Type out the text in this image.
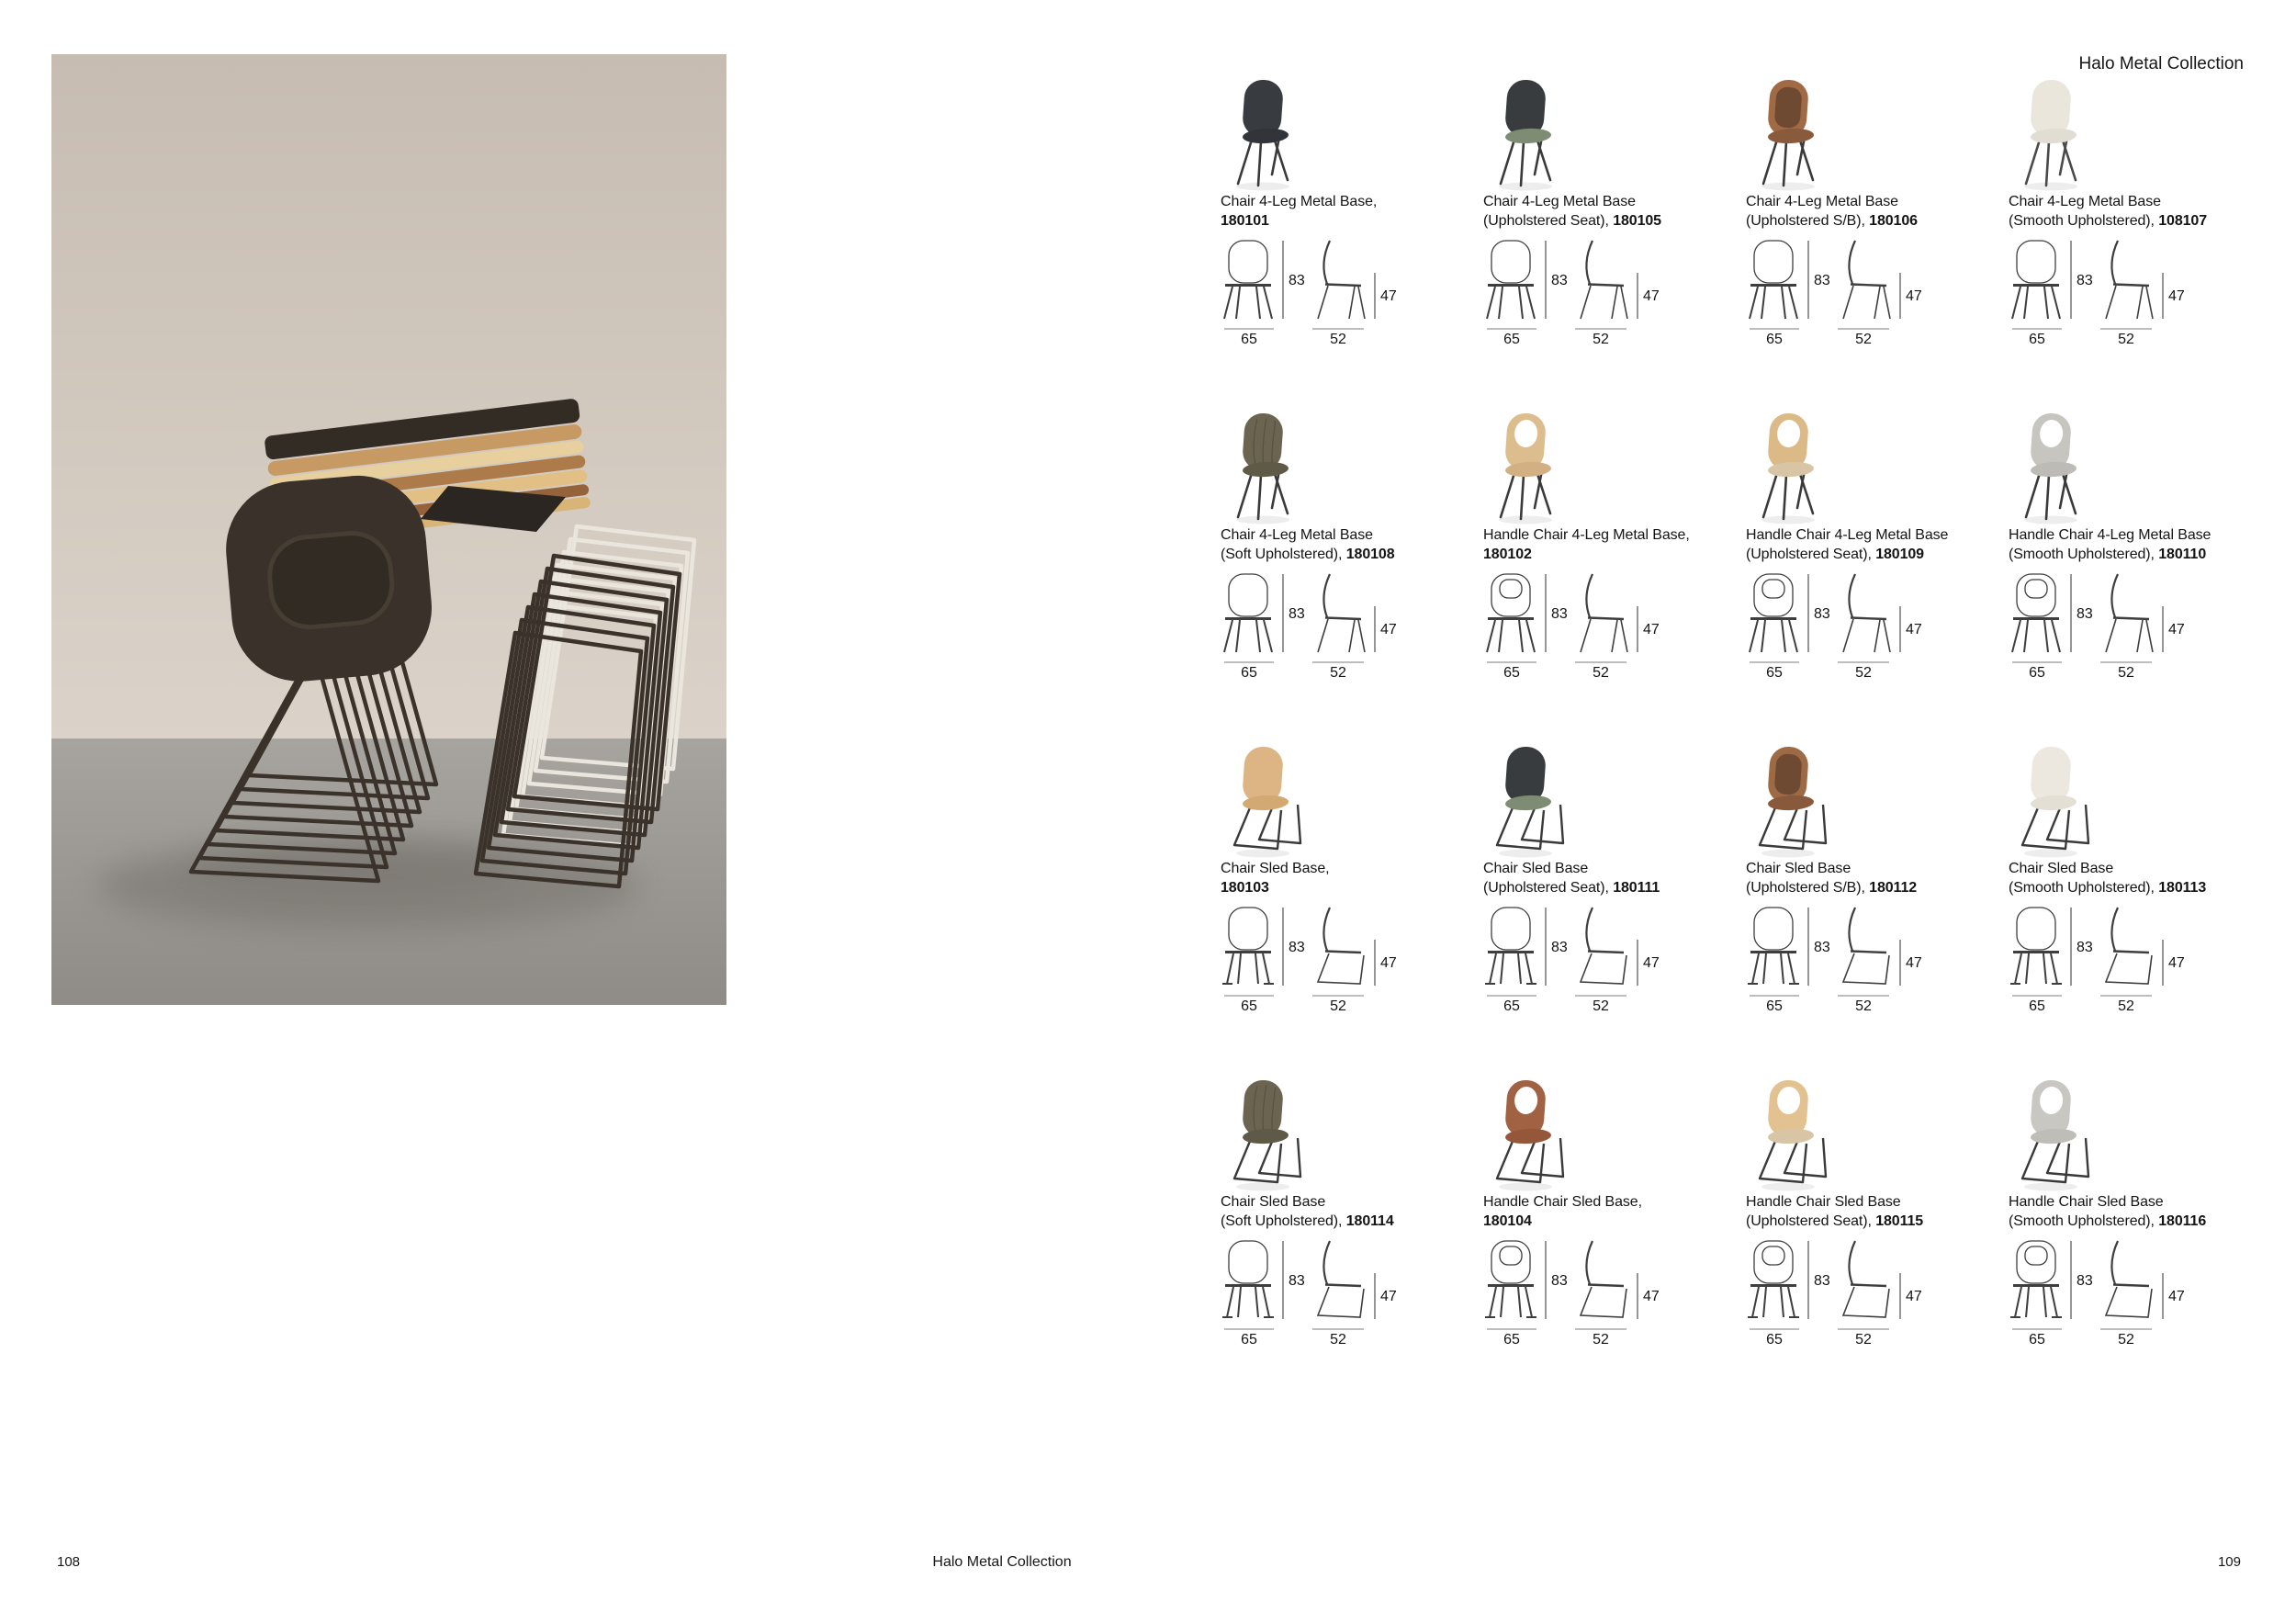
Halo Metal Collection
Chair 4-Leg Metal Base,
180101
83
47
65	52
Chair 4-Leg Metal Base
(Upholstered Seat), 180105
83
47
65	52
Chair 4-Leg Metal Base
(Upholstered S/B), 180106
83
47
65	52
Chair 4-Leg Metal Base
(Smooth Upholstered), 108107
83
47
65	52
Chair 4-Leg Metal Base
(Soft Upholstered), 180108
83
47
65	52
Handle Chair 4-Leg Metal Base,
180102
83
47
65	52
Handle Chair 4-Leg Metal Base
(Upholstered Seat), 180109
83
47
65	52
Handle Chair 4-Leg Metal Base
(Smooth Upholstered), 180110
83
47
65	52
Chair Sled Base,
180103
83
47
65	52
Chair Sled Base
(Upholstered Seat), 180111
83
47
65	52
Chair Sled Base
(Upholstered S/B), 180112
83
47
65	52
Chair Sled Base
(Smooth Upholstered), 180113
83
47
65	52
Chair Sled Base
(Soft Upholstered), 180114
83
47
65	52
Handle Chair Sled Base,
180104
83
47
65	52
Handle Chair Sled Base
(Upholstered Seat), 180115
83
47
65	52
Handle Chair Sled Base
(Smooth Upholstered), 180116
83
47
65	52
108	Halo Metal Collection	109
